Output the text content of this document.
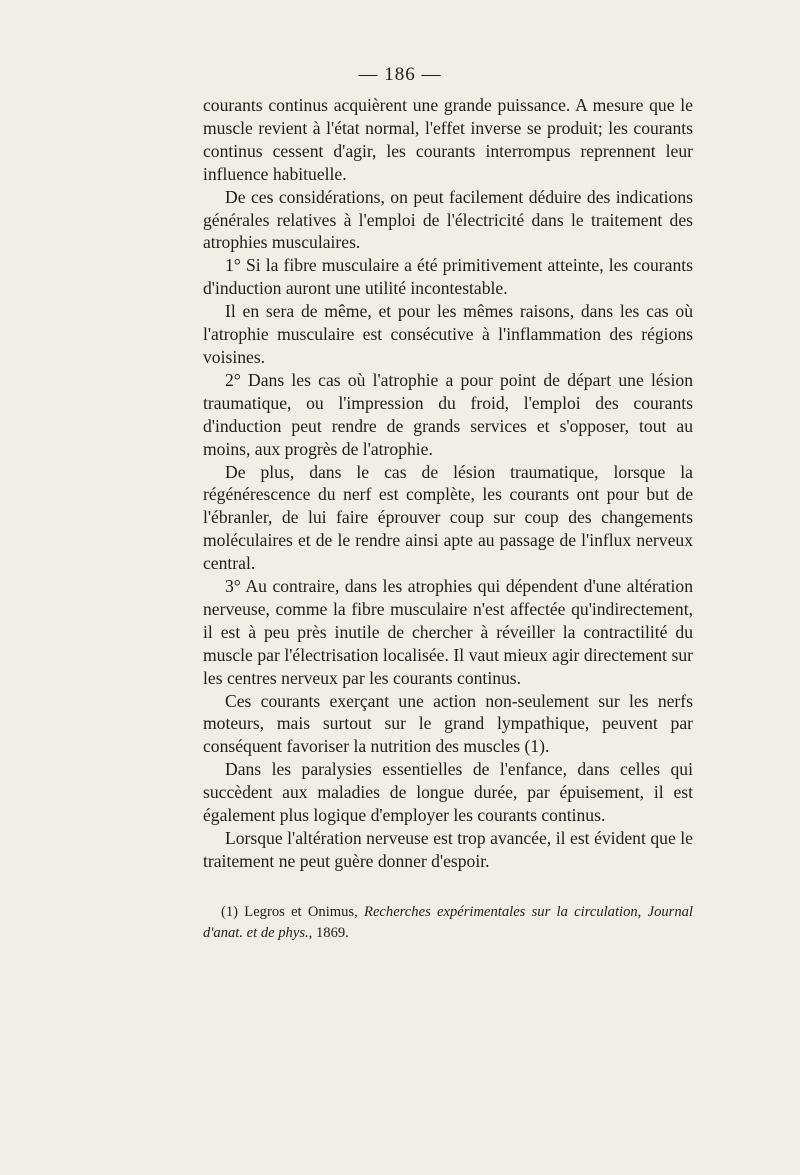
— 186 —

courants continus acquièrent une grande puissance. A mesure que le muscle revient à l'état normal, l'effet inverse se produit; les courants continus cessent d'agir, les courants interrompus reprennent leur influence habituelle.

De ces considérations, on peut facilement déduire des indications générales relatives à l'emploi de l'électricité dans le traitement des atrophies musculaires.

1° Si la fibre musculaire a été primitivement atteinte, les courants d'induction auront une utilité incontestable.

Il en sera de même, et pour les mêmes raisons, dans les cas où l'atrophie musculaire est consécutive à l'inflammation des régions voisines.

2° Dans les cas où l'atrophie a pour point de départ une lésion traumatique, ou l'impression du froid, l'emploi des courants d'induction peut rendre de grands services et s'opposer, tout au moins, aux progrès de l'atrophie.

De plus, dans le cas de lésion traumatique, lorsque la régénérescence du nerf est complète, les courants ont pour but de l'ébranler, de lui faire éprouver coup sur coup des changements moléculaires et de le rendre ainsi apte au passage de l'influx nerveux central.

3° Au contraire, dans les atrophies qui dépendent d'une altération nerveuse, comme la fibre musculaire n'est affectée qu'indirectement, il est à peu près inutile de chercher à réveiller la contractilité du muscle par l'électrisation localisée. Il vaut mieux agir directement sur les centres nerveux par les courants continus.

Ces courants exerçant une action non-seulement sur les nerfs moteurs, mais surtout sur le grand lympathique, peuvent par conséquent favoriser la nutrition des muscles (1).

Dans les paralysies essentielles de l'enfance, dans celles qui succèdent aux maladies de longue durée, par épuisement, il est également plus logique d'employer les courants continus.

Lorsque l'altération nerveuse est trop avancée, il est évident que le traitement ne peut guère donner d'espoir.

(1) Legros et Onimus, Recherches expérimentales sur la circulation, Journal d'anat. et de phys., 1869.
